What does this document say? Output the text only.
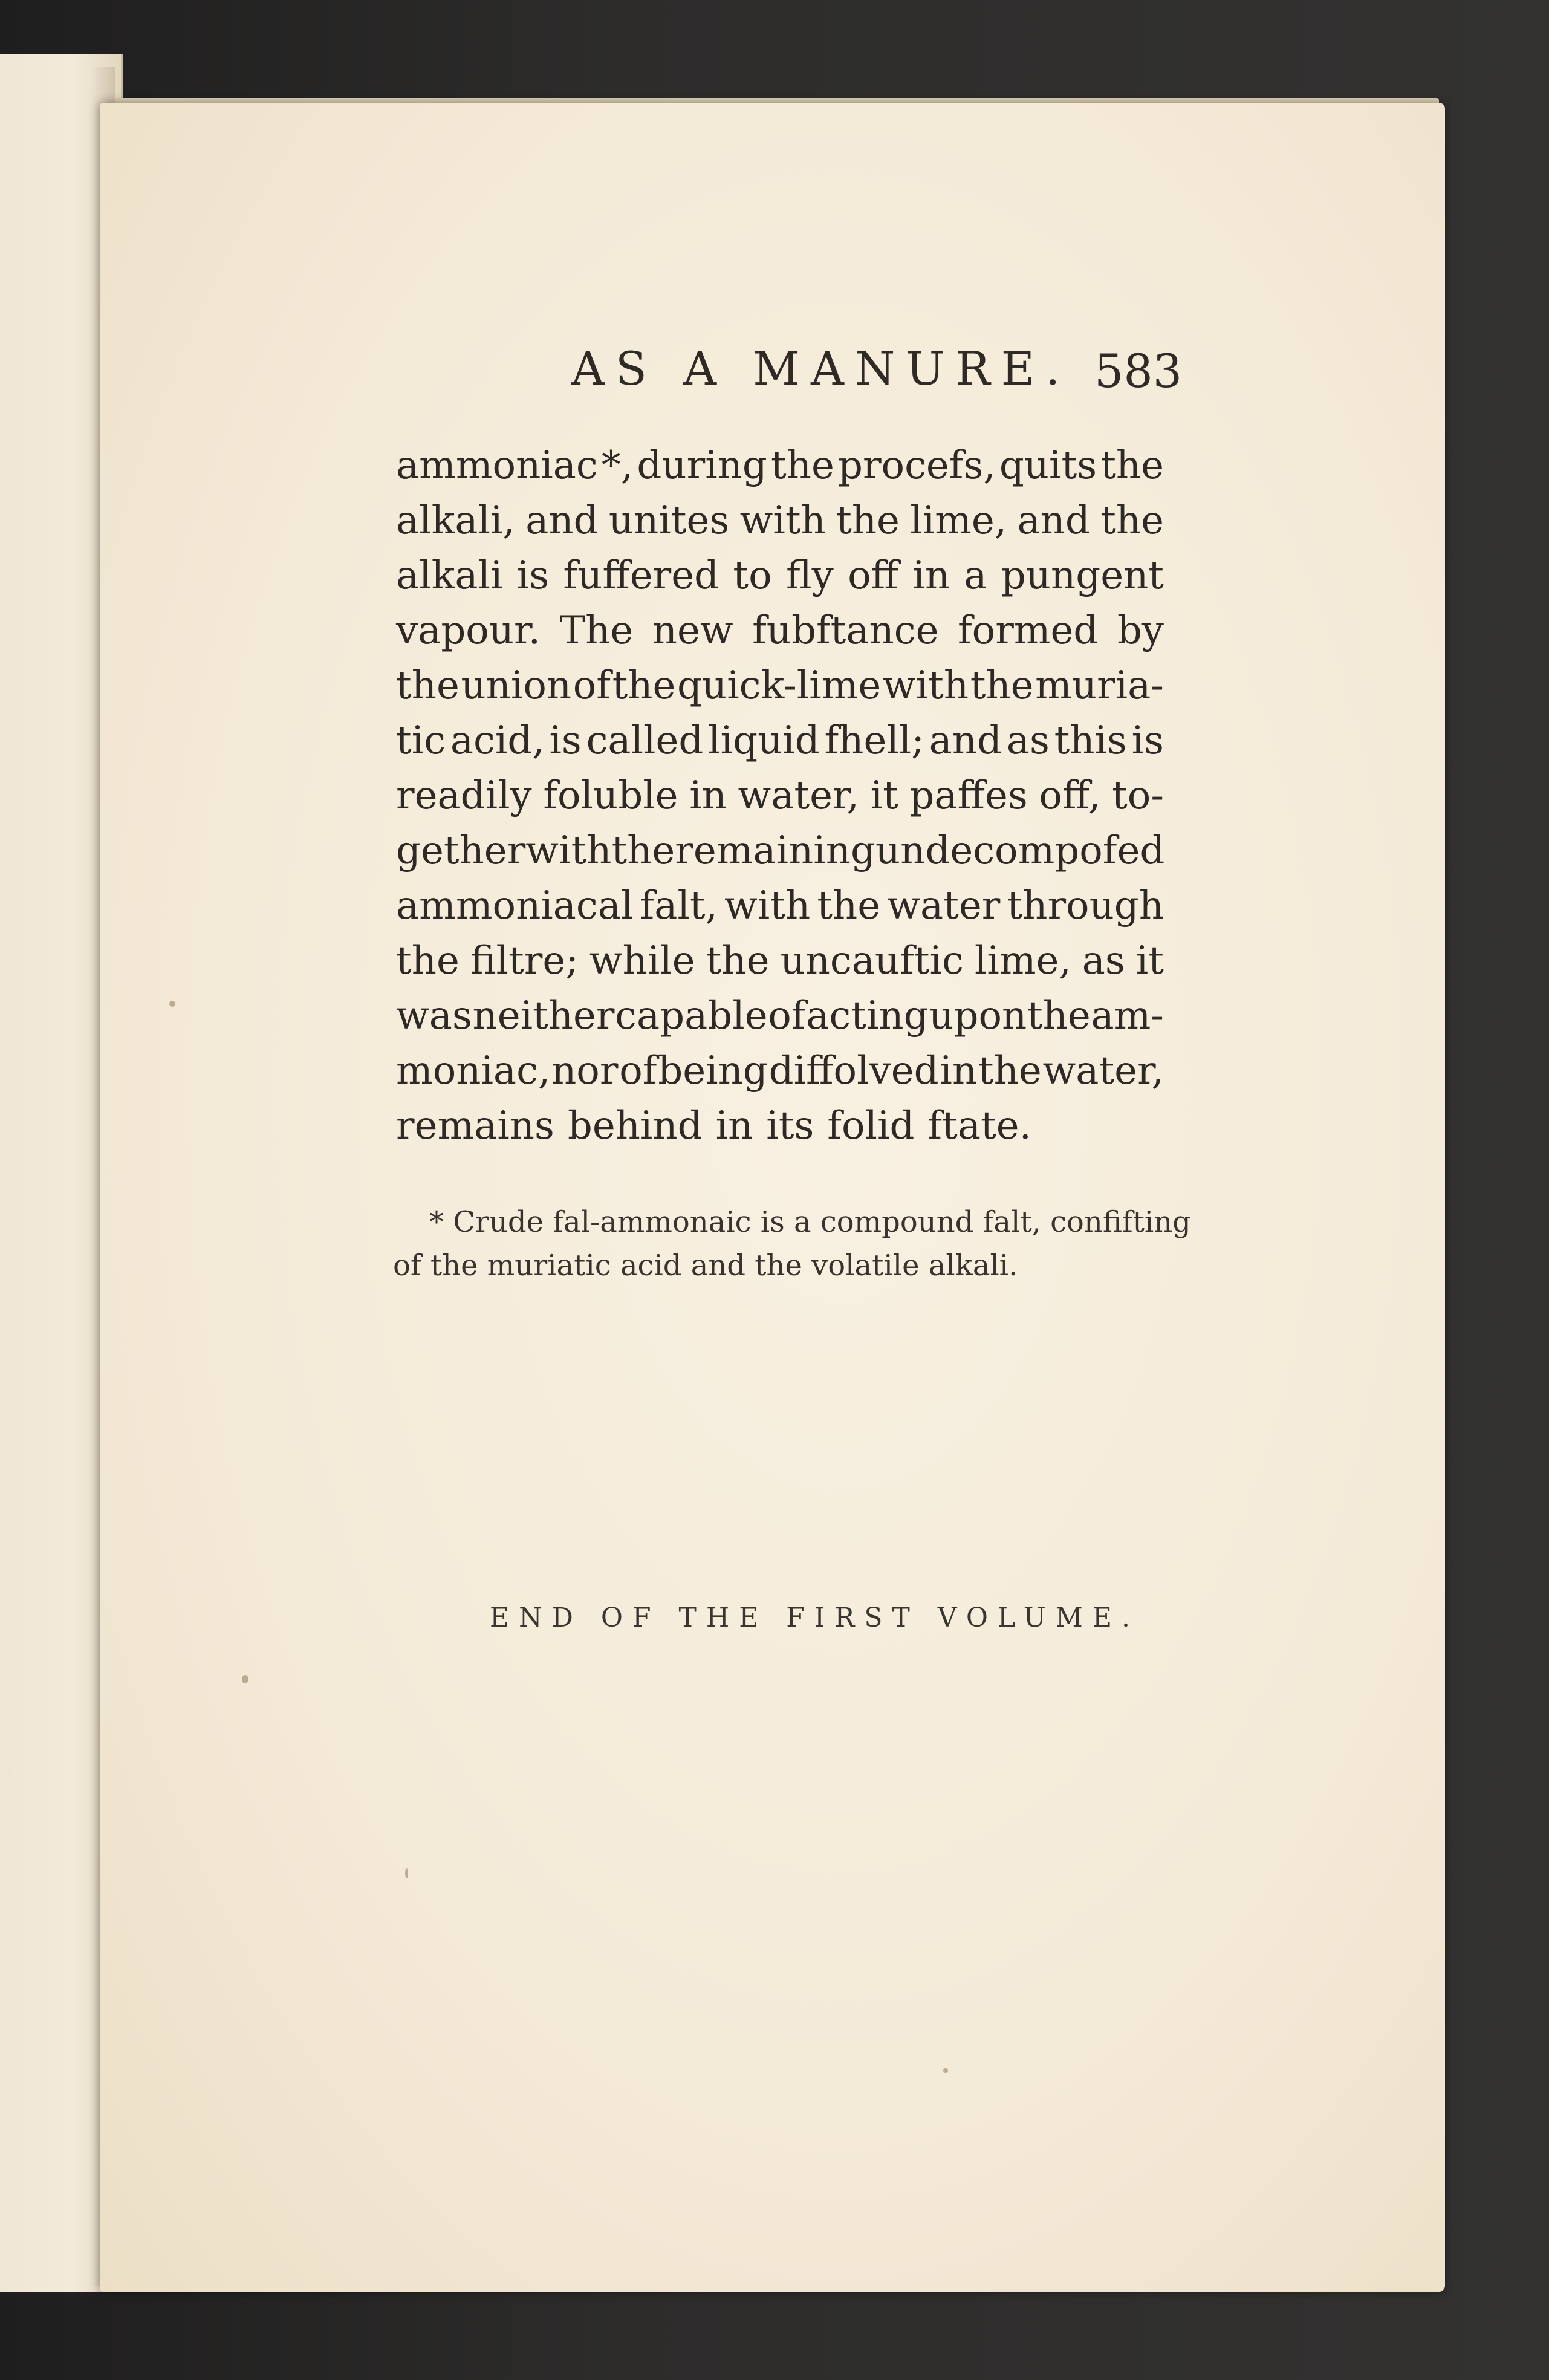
AS A MANURE. 583
ammoniac *, during the procefs, quits the
alkali, and unites with the lime, and the
alkali is fuffered to fly off in a pungent
vapour. The new fubftance formed by
the union of the quick-lime with the muria-
tic acid, is called liquid fhell; and as this is
readily foluble in water, it paffes off, to-
gether with the remaining undecompofed
ammoniacal falt, with the water through
the filtre; while the uncauftic lime, as it
was neither capable of acting upon the am-
moniac, nor of being diffolved in the water,
remains behind in its folid ftate.
* Crude fal-ammonaic is a compound falt, confifting
of the muriatic acid and the volatile alkali.
END OF THE FIRST VOLUME.
